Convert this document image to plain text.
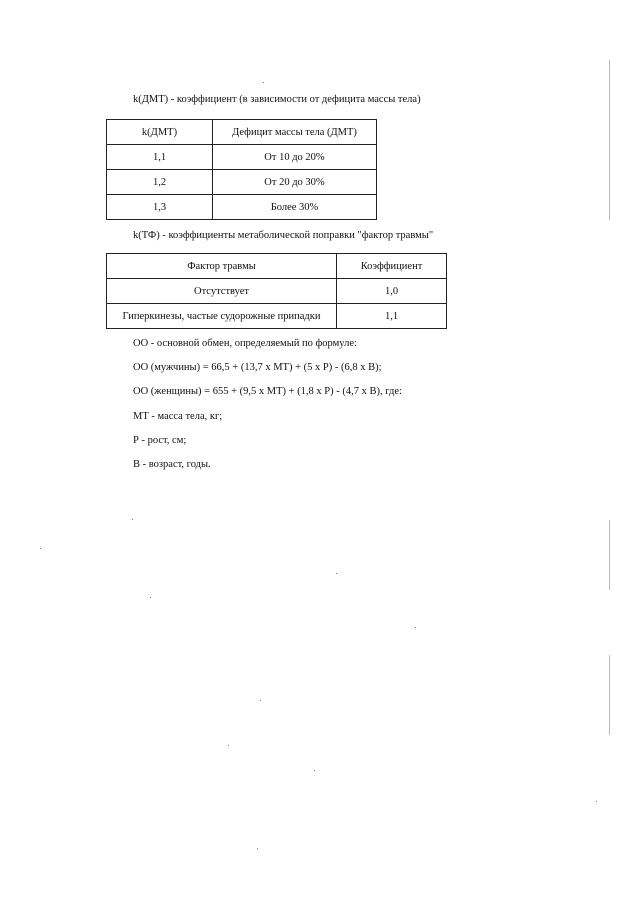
k(ДМТ) - коэффициент (в зависимости от дефицита массы тела)
k(ДМТ)	Дефицит массы тела (ДМТ)
1,1	От 10 до 20%
1,2	От 20 до 30%
1,3	Более 30%
k(ТФ) - коэффициенты метаболической поправки "фактор травмы"
Фактор травмы	Коэффициент
Отсутствует	1,0
Гиперкинезы, частые судорожные припадки	1,1
ОО - основной обмен, определяемый по формуле:
ОО (мужчины) = 66,5 + (13,7 х МТ) + (5 х Р) - (6,8 х В);
ОО (женщины) = 655 + (9,5 х МТ) + (1,8 х Р) - (4,7 х В), где:
МТ - масса тела, кг;
Р - рост, см;
В - возраст, годы.
